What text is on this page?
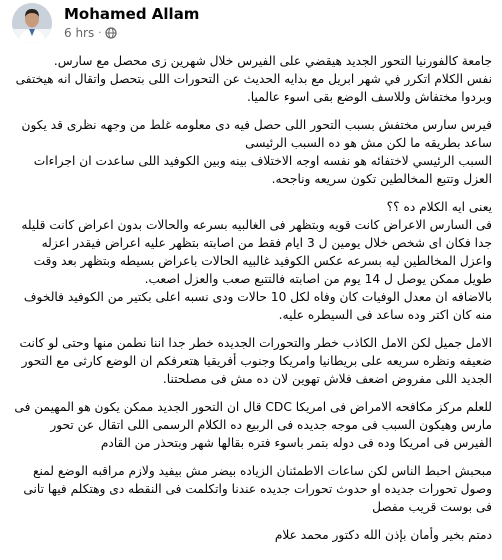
Mohamed Allam
6 hrs ·

جامعة كالفورنيا التحور الجديد هيقضي على الفيرس خلال شهرين زى محصل مع سارس.
نفس الكلام اتكرر في شهر ابريل مع بدايه الحديث عن التحورات اللى بتحصل واتقال انه هيختفى وبردوا مختفاش وللاسف الوضع بقى اسوء عالميا.

فيرس سارس مختفش بسبب التحور اللى حصل فيه دى معلومه غلط من وجهه نظرى قد يكون ساعد بطريقه ما لكن مش هو ده السبب الرئيسى
السبب الرئيسي لاختفائه هو نفسه اوجه الاختلاف بينه وبين الكوفيد اللى ساعدت ان اجراءات العزل وتتبع المخالطين تكون سريعه وناجحه.

يعنى ايه الكلام ده ؟؟
فى السارس الاعراض كانت قويه وبتظهر فى الغالبيه بسرعه والحالات بدون اعراض كانت قليله جدا فكان اى شخص خلال يومين ل 3 ايام فقط من اصابته بتظهر عليه اعراض فيقدر اعزله واعزل المخالطين ليه بسرعه عكس الكوفيد غالبيه الحالات باعراض بسيطه وبتظهر بعد وقت طويل ممكن يوصل ل 14 يوم من اصابته فالتتبع صعب والعزل اصعب.
بالاضافه ان معدل الوفيات كان وفاه لكل 10 حالات ودى نسبه اعلى بكتير من الكوفيد فالخوف منه كان اكتر وده ساعد فى السيطره عليه.

الامل جميل لكن الامل الكاذب خطر والتحورات الجديده خطر جدا اننا نطمن منها وحتى لو كانت ضعيفه ونظره سريعه على بريطانيا وامريكا وجنوب أفريقيا هتعرفكم ان الوضع كارثى مع التحور الجديد اللى مفروض اضعف فلاش تهوين لان ده مش فى مصلحتنا.

للعلم مركز مكافحه الامراض فى امريكا CDC قال ان التحور الجديد ممكن يكون هو المهيمن فى مارس وهيكون السبب فى موجه جديده فى الربيع ده الكلام الرسمى اللى اتقال عن تحور الفيرس فى امريكا وده فى دوله بتمر باسوء فتره بقالها شهر وبتحذر من القادم

مبحبش احبط الناس لكن ساعات الاطمئنان الزياده بيضر مش بيفيد ولازم مراقبه الوضع لمنع وصول تحورات جديده او حدوث تحورات جديده عندنا واتكلمت فى النقطه دى وهتكلم فيها تانى فى بوست قريب مفصل

دمتم بخير وأمان بإذن الله دكتور محمد علام
